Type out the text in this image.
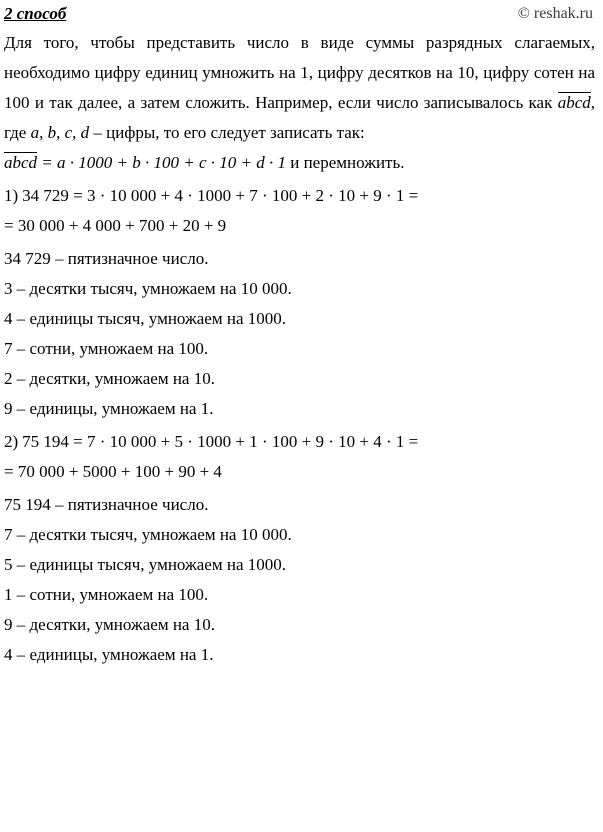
2 способ	© reshak.ru

Для того, чтобы представить число в виде суммы разрядных слагаемых, необходимо цифру единиц умножить на 1, цифру десятков на 10, цифру сотен на 100 и так далее, а затем сложить. Например, если число записывалось как abcd, где a, b, c, d – цифры, то его следует записать так:

abcd = a · 1000 + b · 100 + c · 10 + d · 1 и перемножить.

1) 34 729 = 3 · 10 000 + 4 · 1000 + 7 · 100 + 2 · 10 + 9 · 1 =

= 30 000 + 4 000 + 700 + 20 + 9

34 729 – пятизначное число.

3 – десятки тысяч, умножаем на 10 000.

4 – единицы тысяч, умножаем на 1000.

7 – сотни, умножаем на 100.

2 – десятки, умножаем на 10.

9 – единицы, умножаем на 1.

2) 75 194 = 7 · 10 000 + 5 · 1000 + 1 · 100 + 9 · 10 + 4 · 1 =

= 70 000 + 5000 + 100 + 90 + 4

75 194 – пятизначное число.

7 – десятки тысяч, умножаем на 10 000.

5 – единицы тысяч, умножаем на 1000.

1 – сотни, умножаем на 100.

9 – десятки, умножаем на 10.

4 – единицы, умножаем на 1.
